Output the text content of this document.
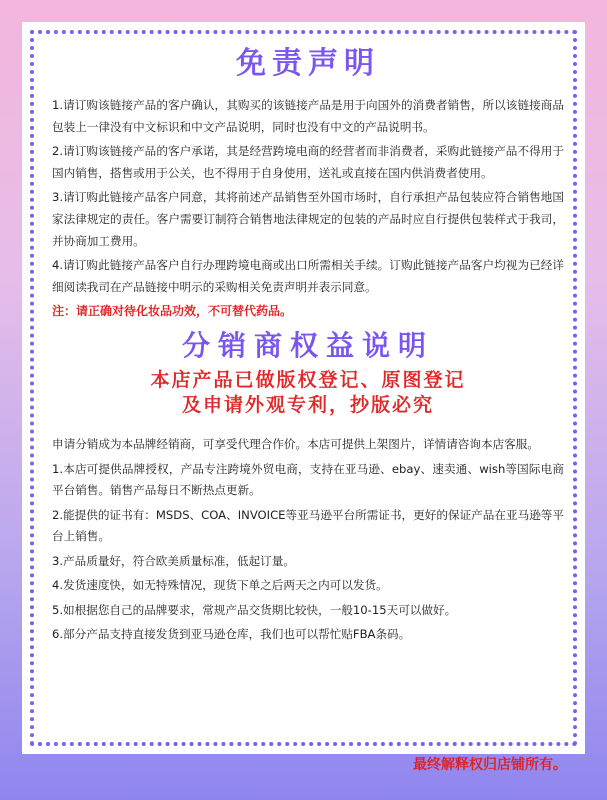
免责声明

1.请订购该链接产品的客户确认，其购买的该链接产品是用于向国外的消费者销售，所以该链接商品包装上一律没有中文标识和中文产品说明，同时也没有中文的产品说明书。

2.请订购该链接产品的客户承诺，其是经营跨境电商的经营者而非消费者，采购此链接产品不得用于国内销售，搭售或用于公关，也不得用于自身使用，送礼或直接在国内供消费者使用。

3.请订购此链接产品客户同意，其将前述产品销售至外国市场时，自行承担产品包装应符合销售地国家法律规定的责任。客户需要订制符合销售地法律规定的包装的产品时应自行提供包装样式于我司，并协商加工费用。

4.请订购此链接产品客户自行办理跨境电商或出口所需相关手续。订购此链接产品客户均视为已经详细阅读我司在产品链接中明示的采购相关免责声明并表示同意。

注：请正确对待化妆品功效，不可替代药品。

分销商权益说明
本店产品已做版权登记、原图登记
及申请外观专利，抄版必究

申请分销成为本品牌经销商，可享受代理合作价。本店可提供上架图片，详情请咨询本店客服。

1.本店可提供品牌授权，产品专注跨境外贸电商，支持在亚马逊、ebay、速卖通、wish等国际电商平台销售。销售产品每日不断热点更新。

2.能提供的证书有：MSDS、COA、INVOICE等亚马逊平台所需证书，更好的保证产品在亚马逊等平台上销售。

3.产品质量好，符合欧美质量标准，低起订量。

4.发货速度快，如无特殊情况，现货下单之后两天之内可以发货。

5.如根据您自己的品牌要求，常规产品交货期比较快，一般10-15天可以做好。

6.部分产品支持直接发货到亚马逊仓库，我们也可以帮忙贴FBA条码。

最终解释权归店铺所有。
